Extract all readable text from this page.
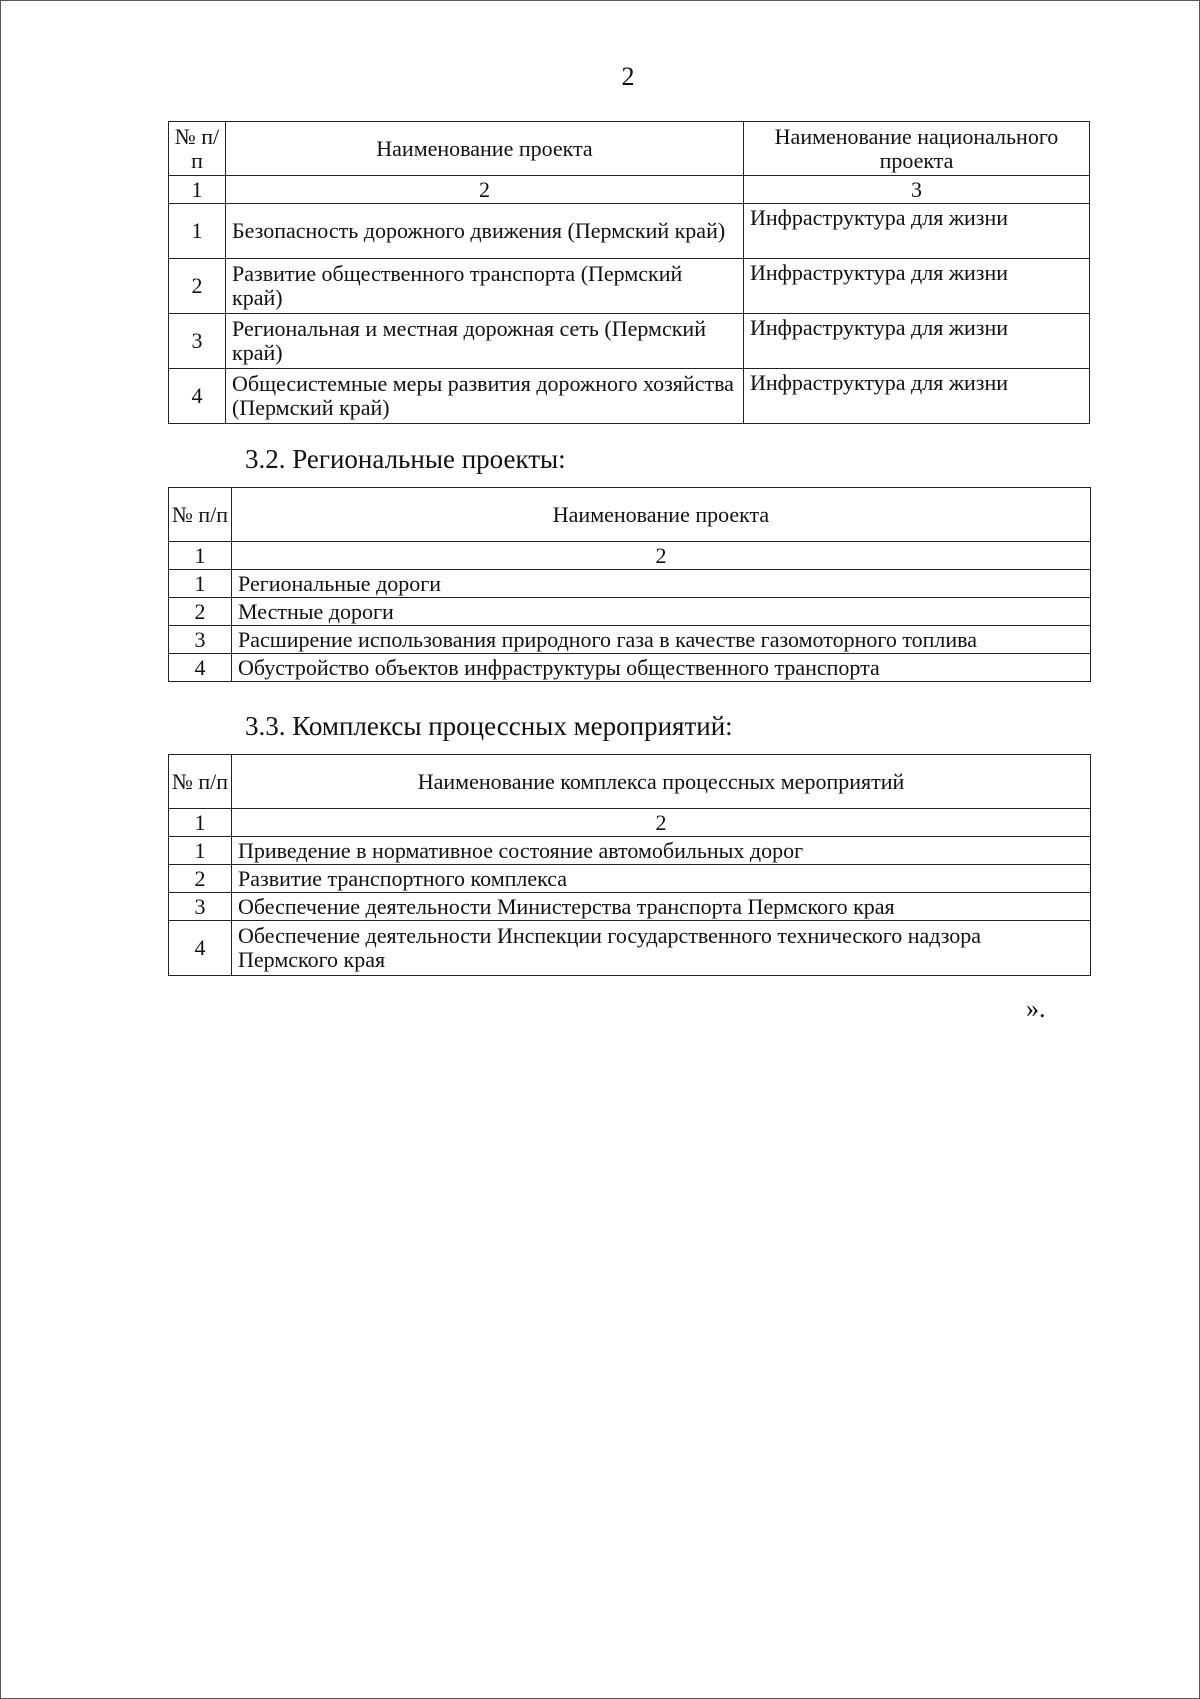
2
№ п/п	Наименование проекта	Наименование национального проекта
1	2	3
1	Безопасность дорожного движения (Пермский край)	Инфраструктура для жизни
2	Развитие общественного транспорта (Пермский край)	Инфраструктура для жизни
3	Региональная и местная дорожная сеть (Пермский край)	Инфраструктура для жизни
4	Общесистемные меры развития дорожного хозяйства (Пермский край)	Инфраструктура для жизни
3.2. Региональные проекты:
№ п/п	Наименование проекта
1	2
1	Региональные дороги
2	Местные дороги
3	Расширение использования природного газа в качестве газомоторного топлива
4	Обустройство объектов инфраструктуры общественного транспорта
3.3. Комплексы процессных мероприятий:
№ п/п	Наименование комплекса процессных мероприятий
1	2
1	Приведение в нормативное состояние автомобильных дорог
2	Развитие транспортного комплекса
3	Обеспечение деятельности Министерства транспорта Пермского края
4	Обеспечение деятельности Инспекции государственного технического надзора Пермского края
».
